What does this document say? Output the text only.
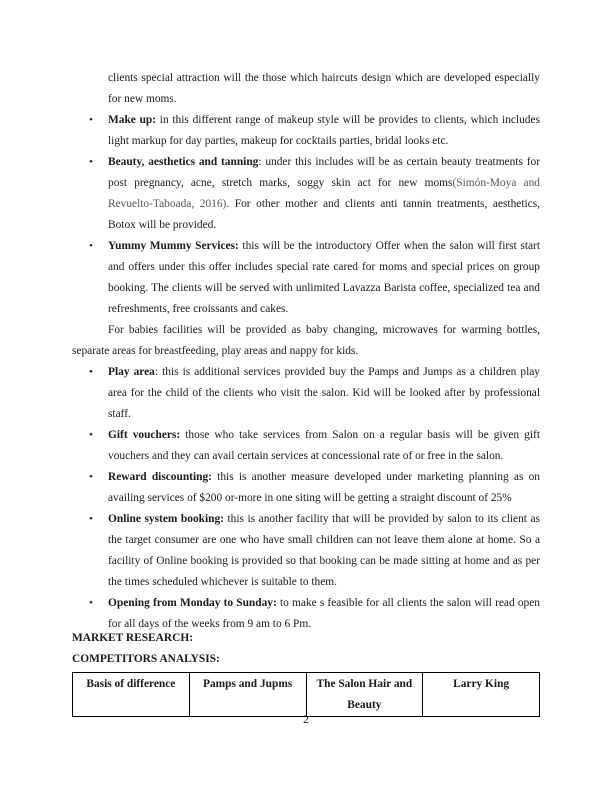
clients special attraction will the those which haircuts design which are developed especially for new moms.

• Make up: in this different range of makeup style will be provides to clients, which includes light markup for day parties, makeup for cocktails parties, bridal looks etc.
• Beauty, aesthetics and tanning: under this includes will be as certain beauty treatments for post pregnancy, acne, stretch marks, soggy skin act for new moms(Simón-Moya and Revuelto-Taboada, 2016). For other mother and clients anti tannin treatments, aesthetics, Botox will be provided.
• Yummy Mummy Services: this will be the introductory Offer when the salon will first start and offers under this offer includes special rate cared for moms and special prices on group booking. The clients will be served with unlimited Lavazza Barista coffee, specialized tea and refreshments, free croissants and cakes.

For babies facilities will be provided as baby changing, microwaves for warming bottles, separate areas for breastfeeding, play areas and nappy for kids.

• Play area: this is additional services provided buy the Pamps and Jumps as a children play area for the child of the clients who visit the salon. Kid will be looked after by professional staff.
• Gift vouchers: those who take services from Salon on a regular basis will be given gift vouchers and they can avail certain services at concessional rate of or free in the salon.
• Reward discounting: this is another measure developed under marketing planning as on availing services of $200 or-more in one siting will be getting a straight discount of 25%
• Online system booking: this is another facility that will be provided by salon to its client as the target consumer are one who have small children can not leave them alone at home. So a facility of Online booking is provided so that booking can be made sitting at home and as per the times scheduled whichever is suitable to them.
• Opening from Monday to Sunday: to make s feasible for all clients the salon will read open for all days of the weeks from 9 am to 6 Pm.
MARKET RESEARCH:
COMPETITORS ANALYSIS:
Basis of difference	Pamps and Jupms	The Salon Hair and Beauty	Larry King
2
